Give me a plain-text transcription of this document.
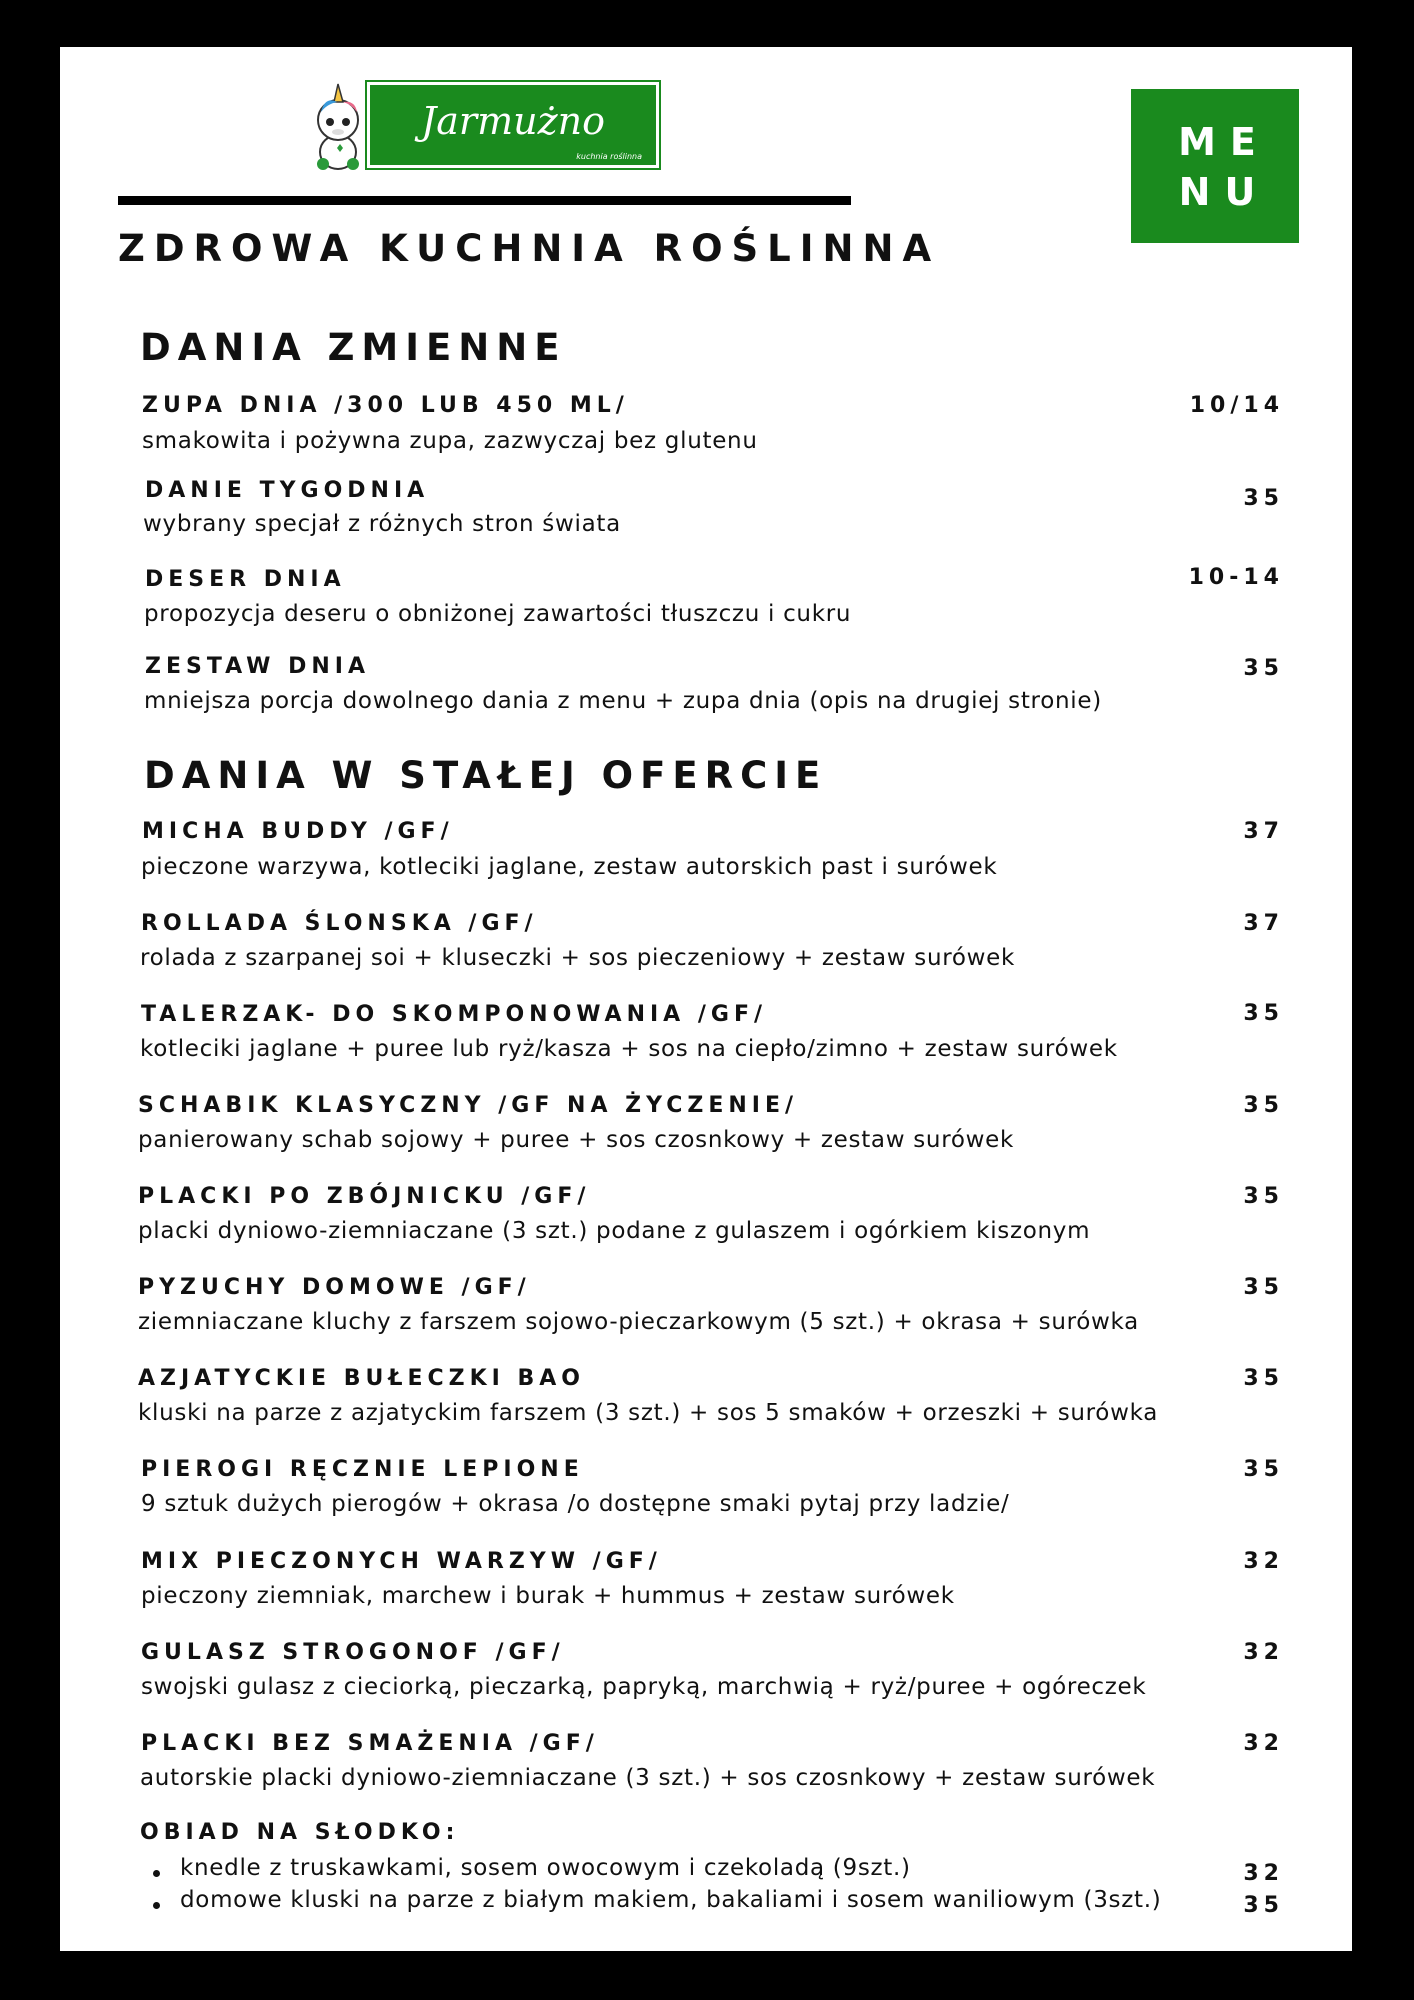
Jarmużno
kuchnia roślinna
ZDROWA KUCHNIA ROŚLINNA
ME
NU
DANIA ZMIENNE
ZUPA DNIA /300 LUB 450 ML/	10/14
smakowita i pożywna zupa, zazwyczaj bez glutenu
DANIE TYGODNIA	35
wybrany specjał z różnych stron świata
DESER DNIA	10-14
propozycja deseru o obniżonej zawartości tłuszczu i cukru
ZESTAW DNIA	35
mniejsza porcja dowolnego dania z menu + zupa dnia (opis na drugiej stronie)
DANIA W STAŁEJ OFERCIE
MICHA BUDDY /GF/	37
pieczone warzywa, kotleciki jaglane, zestaw autorskich past i surówek
ROLLADA ŚLONSKA /GF/	37
rolada z szarpanej soi + kluseczki + sos pieczeniowy + zestaw surówek
TALERZAK- DO SKOMPONOWANIA /GF/	35
kotleciki jaglane + puree lub ryż/kasza + sos na ciepło/zimno + zestaw surówek
SCHABIK KLASYCZNY /GF NA ŻYCZENIE/	35
panierowany schab sojowy + puree + sos czosnkowy + zestaw surówek
PLACKI PO ZBÓJNICKU /GF/	35
placki dyniowo-ziemniaczane (3 szt.) podane z gulaszem i ogórkiem kiszonym
PYZUCHY DOMOWE /GF/	35
ziemniaczane kluchy z farszem sojowo-pieczarkowym (5 szt.) + okrasa + surówka
AZJATYCKIE BUŁECZKI BAO	35
kluski na parze z azjatyckim farszem (3 szt.) + sos 5 smaków + orzeszki + surówka
PIEROGI RĘCZNIE LEPIONE	35
9 sztuk dużych pierogów + okrasa /o dostępne smaki pytaj przy ladzie/
MIX PIECZONYCH WARZYW /GF/	32
pieczony ziemniak, marchew i burak + hummus + zestaw surówek
GULASZ STROGONOF /GF/	32
swojski gulasz z cieciorką, pieczarką, papryką, marchwią + ryż/puree + ogóreczek
PLACKI BEZ SMAŻENIA /GF/	32
autorskie placki dyniowo-ziemniaczane (3 szt.) + sos czosnkowy + zestaw surówek
OBIAD NA SŁODKO:
knedle z truskawkami, sosem owocowym i czekoladą (9szt.)	32
domowe kluski na parze z białym makiem, bakaliami i sosem waniliowym (3szt.)	35
